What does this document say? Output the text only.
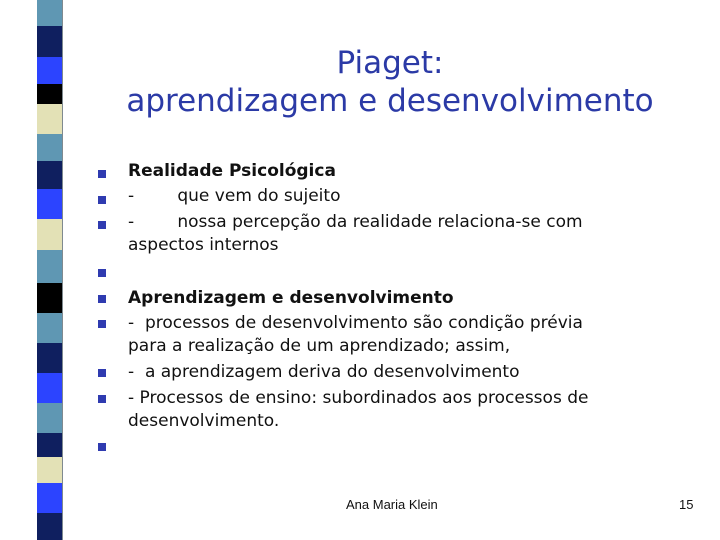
Piaget:
aprendizagem e desenvolvimento
Realidade Psicológica
-        que vem do sujeito
-        nossa percepção da realidade relaciona-se com
aspectos internos
Aprendizagem e desenvolvimento
-  processos de desenvolvimento são condição prévia
para a realização de um aprendizado; assim,
-  a aprendizagem deriva do desenvolvimento
- Processos de ensino: subordinados aos processos de
desenvolvimento.
Ana Maria Klein	15
